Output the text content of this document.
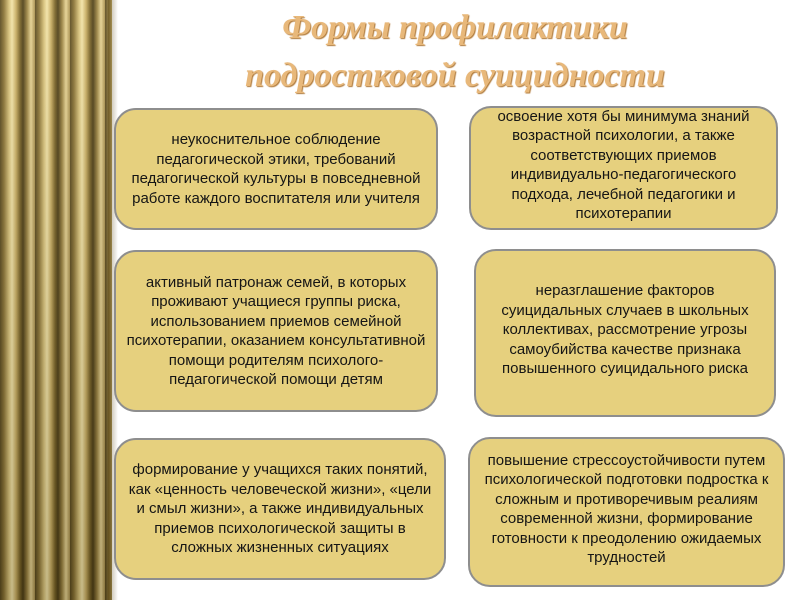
Формы профилактики
подростковой суицидности
неукоснительное соблюдение педагогической этики, требований педагогической культуры в повседневной работе каждого воспитателя или учителя
освоение хотя бы минимума знаний возрастной психологии, а также соответствующих приемов индивидуально-педагогического подхода, лечебной педагогики и психотерапии
активный патронаж семей, в которых проживают учащиеся группы риска, использованием приемов семейной психотерапии, оказанием консультативной помощи родителям психолого-педагогической помощи детям
неразглашение факторов суицидальных случаев в школьных коллективах, рассмотрение угрозы самоубийства качестве признака повышенного суицидального риска
формирование у учащихся таких понятий, как «ценность человеческой жизни», «цели и смыл жизни», а также индивидуальных приемов психологической защиты в сложных жизненных ситуациях
повышение стрессоустойчивости путем психологической подготовки подростка к сложным и противоречивым реалиям современной жизни, формирование готовности к преодолению ожидаемых трудностей
